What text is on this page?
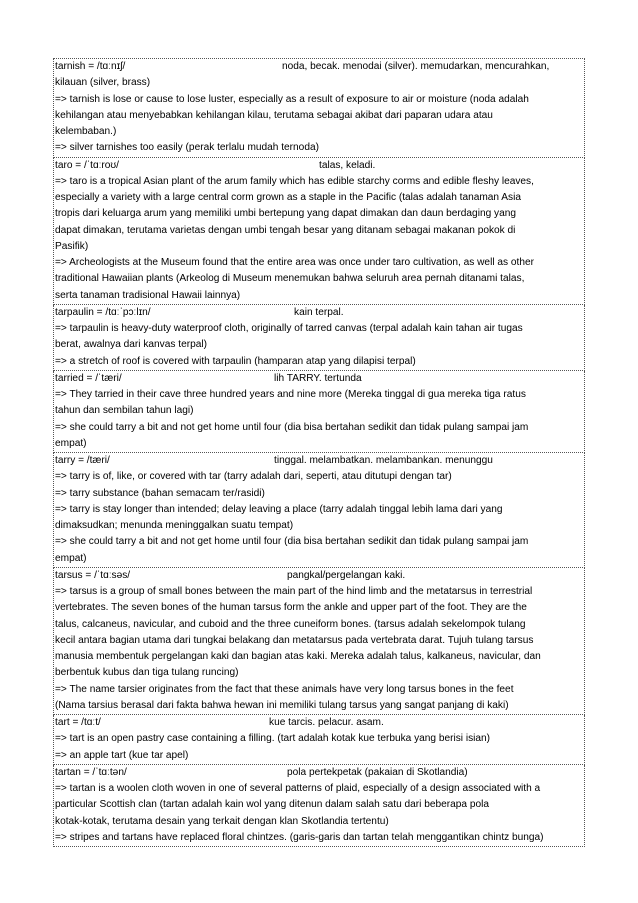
tarnish = /tɑːnɪʃ/	noda, becak. menodai (silver). memudarkan, mencurahkan,
kilauan (silver, brass)
=> tarnish is lose or cause to lose luster, especially as a result of exposure to air or moisture (noda adalah
kehilangan atau menyebabkan kehilangan kilau, terutama sebagai akibat dari paparan udara atau
kelembaban.)
=> silver tarnishes too easily (perak terlalu mudah ternoda)
taro = /ˈtɑːroʊ/	talas, keladi.
=> taro is a tropical Asian plant of the arum family which has edible starchy corms and edible fleshy leaves,
especially a variety with a large central corm grown as a staple in the Pacific (talas adalah tanaman Asia
tropis dari keluarga arum yang memiliki umbi bertepung yang dapat dimakan dan daun berdaging yang
dapat dimakan, terutama varietas dengan umbi tengah besar yang ditanam sebagai makanan pokok di
Pasifik)
=> Archeologists at the Museum found that the entire area was once under taro cultivation, as well as other
traditional Hawaiian plants (Arkeolog di Museum menemukan bahwa seluruh area pernah ditanami talas,
serta tanaman tradisional Hawaii lainnya)
tarpaulin = /tɑːˈpɔːlɪn/	kain terpal.
=> tarpaulin is heavy-duty waterproof cloth, originally of tarred canvas (terpal adalah kain tahan air tugas
berat, awalnya dari kanvas terpal)
=> a stretch of roof is covered with tarpaulin (hamparan atap yang dilapisi terpal)
tarried = /ˈtæri/	lih TARRY. tertunda
=> They tarried in their cave three hundred years and nine more (Mereka tinggal di gua mereka tiga ratus
tahun dan sembilan tahun lagi)
=> she could tarry a bit and not get home until four (dia bisa bertahan sedikit dan tidak pulang sampai jam
empat)
tarry = /tæri/	tinggal. melambatkan. melambankan. menunggu
=> tarry is of, like, or covered with tar (tarry adalah dari, seperti, atau ditutupi dengan tar)
=> tarry substance (bahan semacam ter/rasidi)
=> tarry is stay longer than intended; delay leaving a place (tarry adalah tinggal lebih lama dari yang
dimaksudkan; menunda meninggalkan suatu tempat)
=> she could tarry a bit and not get home until four (dia bisa bertahan sedikit dan tidak pulang sampai jam
empat)
tarsus = /ˈtɑːsəs/	pangkal/pergelangan kaki.
=> tarsus is a group of small bones between the main part of the hind limb and the metatarsus in terrestrial
vertebrates. The seven bones of the human tarsus form the ankle and upper part of the foot. They are the
talus, calcaneus, navicular, and cuboid and the three cuneiform bones. (tarsus adalah sekelompok tulang
kecil antara bagian utama dari tungkai belakang dan metatarsus pada vertebrata darat. Tujuh tulang tarsus
manusia membentuk pergelangan kaki dan bagian atas kaki. Mereka adalah talus, kalkaneus, navicular, dan
berbentuk kubus dan tiga tulang runcing)
=> The name tarsier originates from the fact that these animals have very long tarsus bones in the feet
(Nama tarsius berasal dari fakta bahwa hewan ini memiliki tulang tarsus yang sangat panjang di kaki)
tart = /tɑːt/	kue tarcis. pelacur. asam.
=> tart is an open pastry case containing a filling. (tart adalah kotak kue terbuka yang berisi isian)
=> an apple tart (kue tar apel)
tartan = /ˈtɑːtən/	pola pertekpetak (pakaian di Skotlandia)
=> tartan is a woolen cloth woven in one of several patterns of plaid, especially of a design associated with a
particular Scottish clan (tartan adalah kain wol yang ditenun dalam salah satu dari beberapa pola
kotak-kotak, terutama desain yang terkait dengan klan Skotlandia tertentu)
=> stripes and tartans have replaced floral chintzes. (garis-garis dan tartan telah menggantikan chintz bunga)
